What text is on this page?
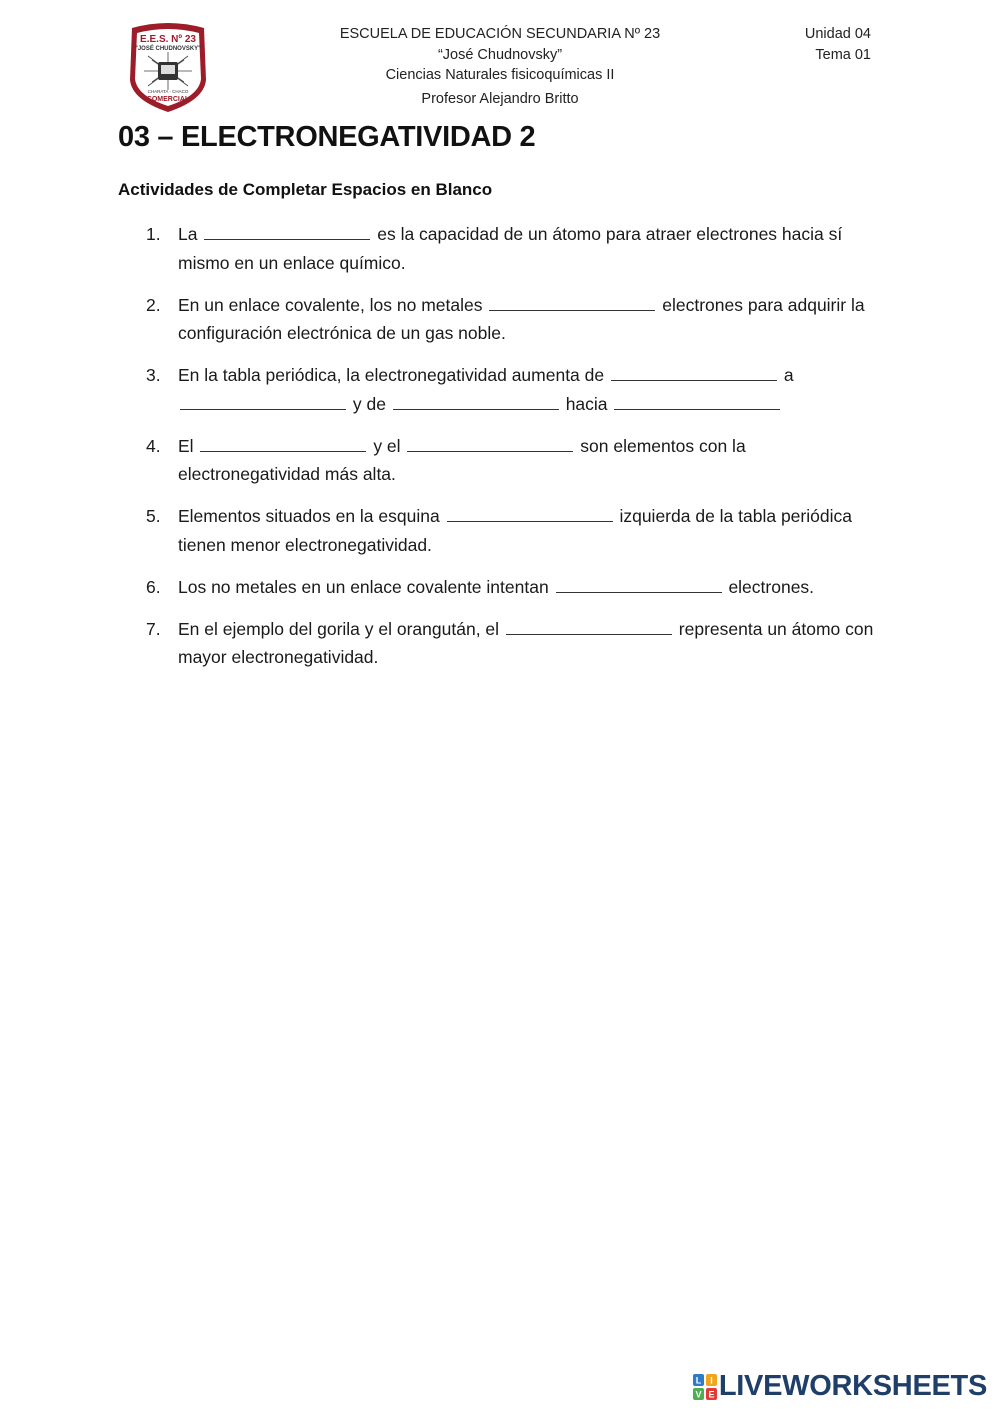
E.E.S. Nº 23
"JOSÉ CHUDNOVSKY"
CHARATA - CHACO
COMERCIAL
ESCUELA DE EDUCACIÓN SECUNDARIA Nº 23
“José Chudnovsky”
Ciencias Naturales fisicoquímicas II
Profesor Alejandro Britto
Unidad 04
Tema 01
03 – ELECTRONEGATIVIDAD 2
Actividades de Completar Espacios en Blanco
1. La	es la capacidad de un átomo para atraer electrones hacia sí mismo en un enlace químico.
2. En un enlace covalente, los no metales	electrones para adquirir la configuración electrónica de un gas noble.
3. En la tabla periódica, la electronegatividad aumenta de	a  y de	hacia
4. El	y el	son elementos con la electronegatividad más alta.
5. Elementos situados en la esquina	izquierda de la tabla periódica tienen menor electronegatividad.
6. Los no metales en un enlace covalente intentan	electrones.
7. En el ejemplo del gorila y el orangután, el	representa un átomo con mayor electronegatividad.
L I
V E LIVEWORKSHEETS
